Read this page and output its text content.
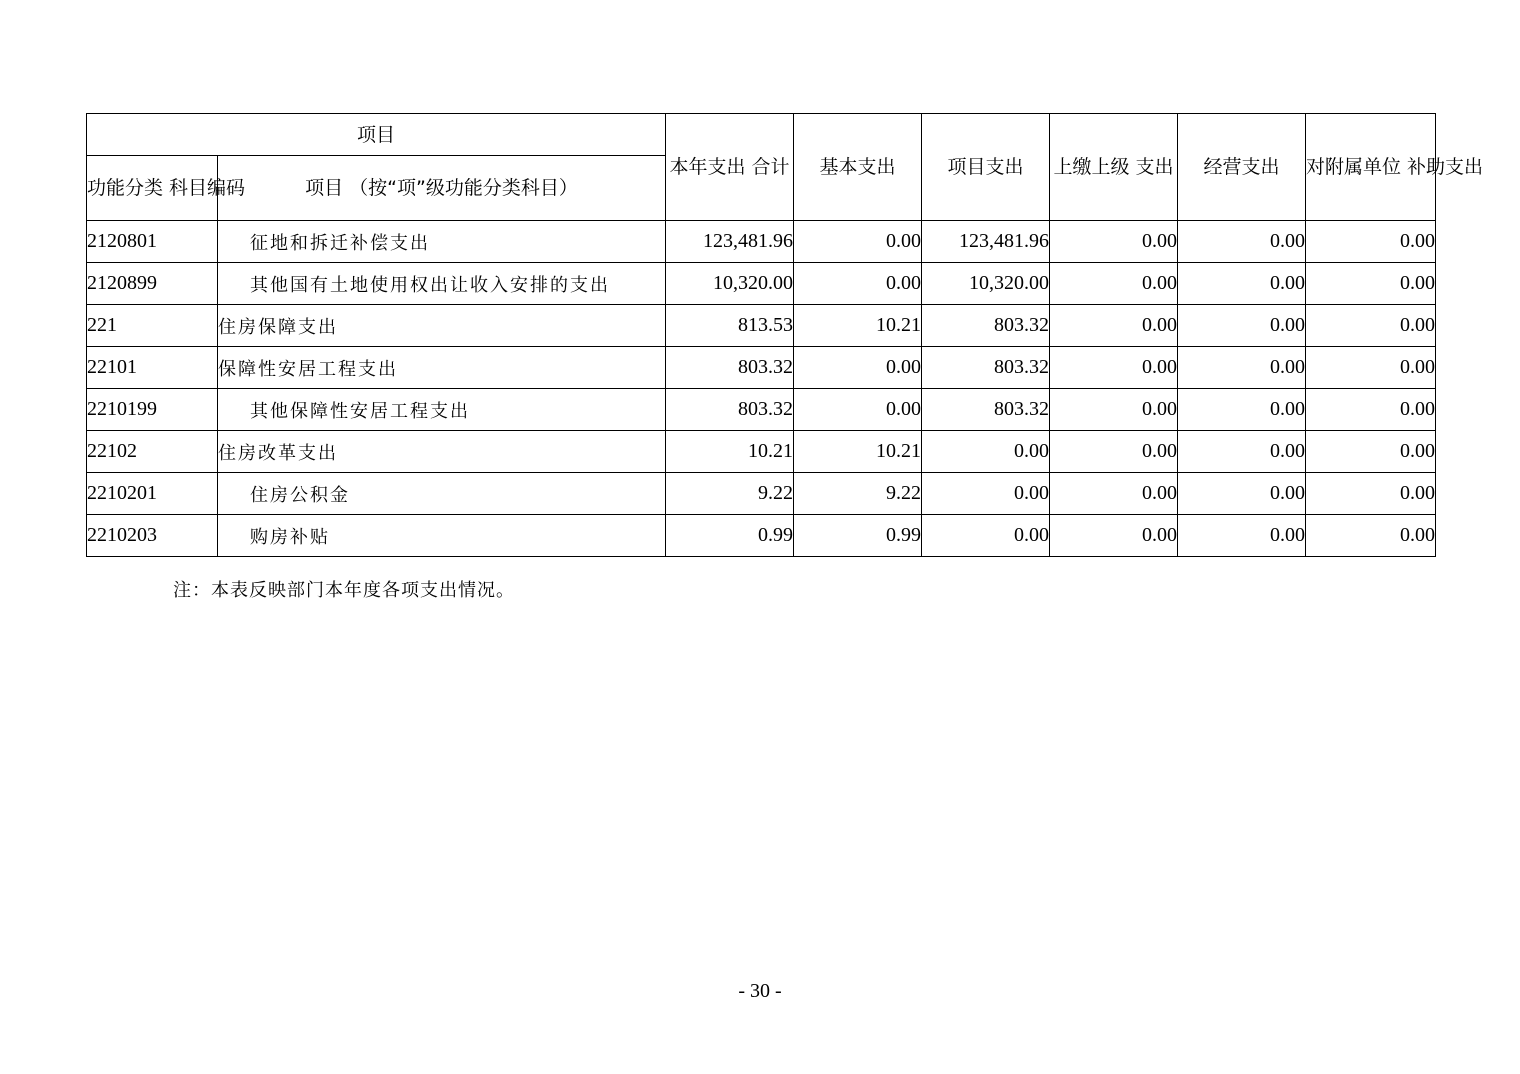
项目		本年支出 合计	基本支出	项目支出	上缴上级 支出	经营支出	对附属单位 补助支出
功能分类 科目编码	项目 （按“项”级功能分类科目）						
2120801	征地和拆迁补偿支出	123,481.96	0.00	123,481.96	0.00	0.00	0.00
2120899	其他国有土地使用权出让收入安排的支出	10,320.00	0.00	10,320.00	0.00	0.00	0.00
221	住房保障支出	813.53	10.21	803.32	0.00	0.00	0.00
22101	保障性安居工程支出	803.32	0.00	803.32	0.00	0.00	0.00
2210199	其他保障性安居工程支出	803.32	0.00	803.32	0.00	0.00	0.00
22102	住房改革支出	10.21	10.21	0.00	0.00	0.00	0.00
2210201	住房公积金	9.22	9.22	0.00	0.00	0.00	0.00
2210203	购房补贴	0.99	0.99	0.00	0.00	0.00	0.00
注：本表反映部门本年度各项支出情况。
- 30 -
